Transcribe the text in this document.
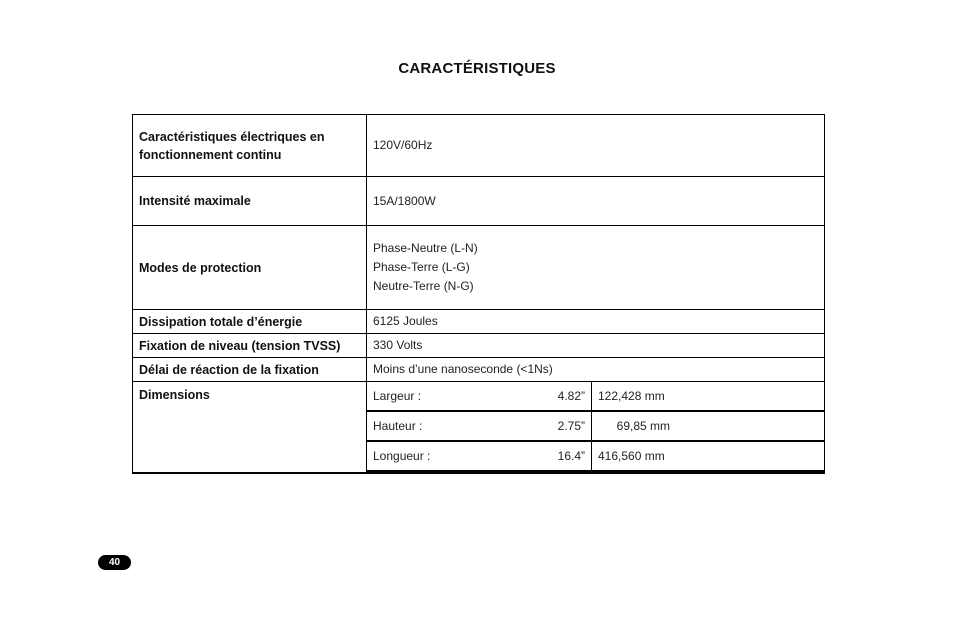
CARACTÉRISTIQUES
Caractéristiques électriques en fonctionnement continu
	120V/60Hz
Intensité maximale	15A/1800W
Modes de protection	
Phase-Neutre (L-N)
Phase-Terre (L-G)
Neutre-Terre (N-G)

Dissipation totale d’énergie	6125 Joules
Fixation de niveau (tension TVSS)	330 Volts
Délai de réaction de la fixation	Moins d’une nanoseconde (<1Ns)
Dimensions		Largeur :	4.82”	122,428 mm
Hauteur :	2.75”	69,85 mm
Longueur :	16.4”	416,560 mm
40
